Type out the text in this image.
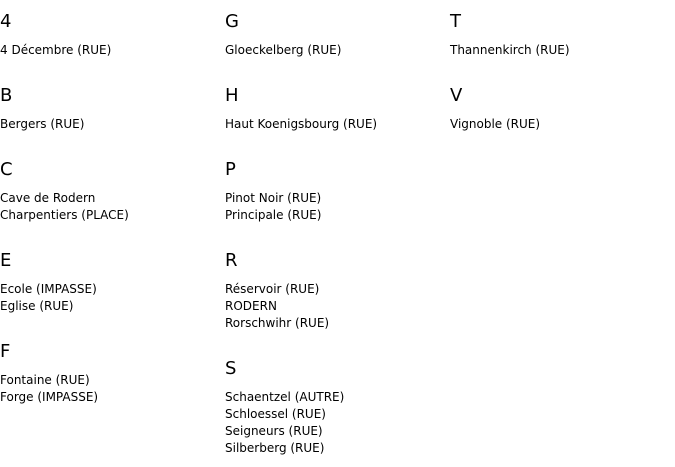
4
4 Décembre (RUE)
B
Bergers (RUE)
C
Cave de Rodern
Charpentiers (PLACE)
E
Ecole (IMPASSE)
Eglise (RUE)
F
Fontaine (RUE)
Forge (IMPASSE)
G
Gloeckelberg (RUE)
H
Haut Koenigsbourg (RUE)
P
Pinot Noir (RUE)
Principale (RUE)
R
Réservoir (RUE)
RODERN
Rorschwihr (RUE)
S
Schaentzel (AUTRE)
Schloessel (RUE)
Seigneurs (RUE)
Silberberg (RUE)
T
Thannenkirch (RUE)
V
Vignoble (RUE)
